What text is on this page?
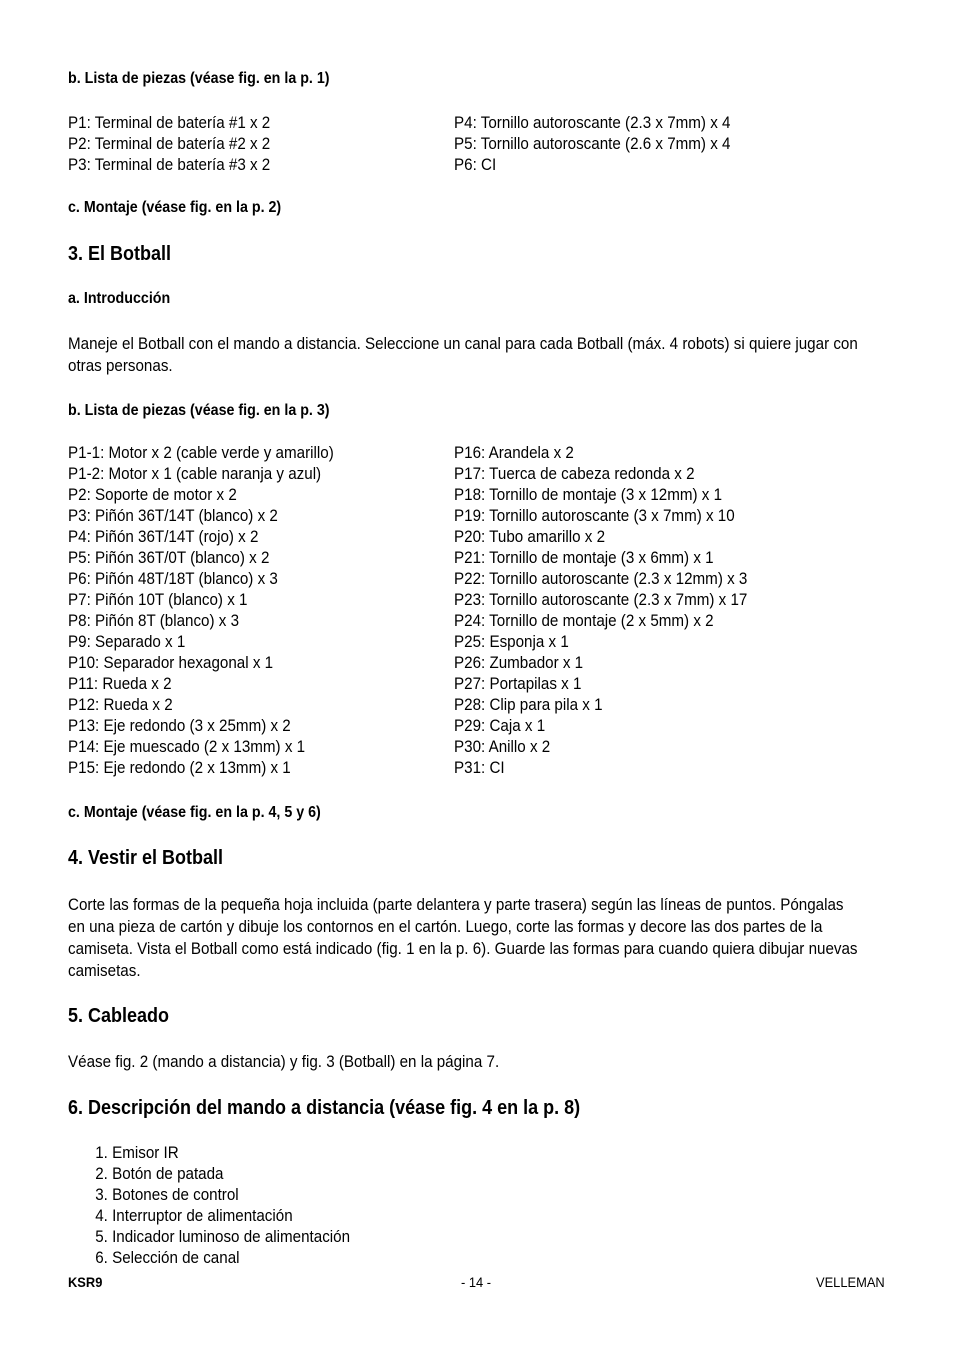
b. Lista de piezas (véase fig. en la p. 1)
P1: Terminal de batería #1 x 2
P2: Terminal de batería #2 x 2
P3: Terminal de batería #3 x 2
P4: Tornillo autoroscante (2.3 x 7mm) x 4
P5: Tornillo autoroscante (2.6 x 7mm) x 4
P6: CI
c. Montaje (véase fig. en la p. 2)
3. El Botball
a. Introducción
Maneje el Botball con el mando a distancia. Seleccione un canal para cada Botball (máx. 4 robots) si quiere jugar con otras personas.
b. Lista de piezas (véase fig. en la p. 3)
P1-1: Motor x 2 (cable verde y amarillo)
P1-2: Motor x 1 (cable naranja y azul)
P2: Soporte de motor x 2
P3: Piñón 36T/14T (blanco) x 2
P4: Piñón 36T/14T (rojo) x 2
P5: Piñón 36T/0T (blanco) x 2
P6: Piñón 48T/18T (blanco) x 3
P7: Piñón 10T (blanco) x 1
P8: Piñón 8T (blanco) x 3
P9: Separado x 1
P10: Separador hexagonal x 1
P11: Rueda x 2
P12: Rueda x 2
P13: Eje redondo (3 x 25mm) x 2
P14: Eje muescado (2 x 13mm) x 1
P15: Eje redondo (2 x 13mm) x 1
P16: Arandela x 2
P17: Tuerca de cabeza redonda x 2
P18: Tornillo de montaje (3 x 12mm) x 1
P19: Tornillo autoroscante (3 x 7mm) x 10
P20: Tubo amarillo x 2
P21: Tornillo de montaje (3 x 6mm) x 1
P22: Tornillo autoroscante (2.3 x 12mm) x 3
P23: Tornillo autoroscante (2.3 x 7mm) x 17
P24: Tornillo de montaje (2 x 5mm) x 2
P25: Esponja x 1
P26: Zumbador x 1
P27: Portapilas x 1
P28: Clip para pila x 1
P29: Caja x 1
P30: Anillo x 2
P31: CI
c. Montaje (véase fig. en la p. 4, 5 y 6)
4. Vestir el Botball
Corte las formas de la pequeña hoja incluida (parte delantera y parte trasera) según las líneas de puntos. Póngalas en una pieza de cartón y dibuje los contornos en el cartón. Luego, corte las formas y decore las dos partes de la camiseta. Vista el Botball como está indicado (fig. 1 en la p. 6). Guarde las formas para cuando quiera dibujar nuevas camisetas.
5. Cableado
Véase fig. 2 (mando a distancia) y fig. 3 (Botball) en la página 7.
6. Descripción del mando a distancia (véase fig. 4 en la p. 8)
1. Emisor IR
2. Botón de patada
3. Botones de control
4. Interruptor de alimentación
5. Indicador luminoso de alimentación
6. Selección de canal
KSR9	- 14 -	VELLEMAN
